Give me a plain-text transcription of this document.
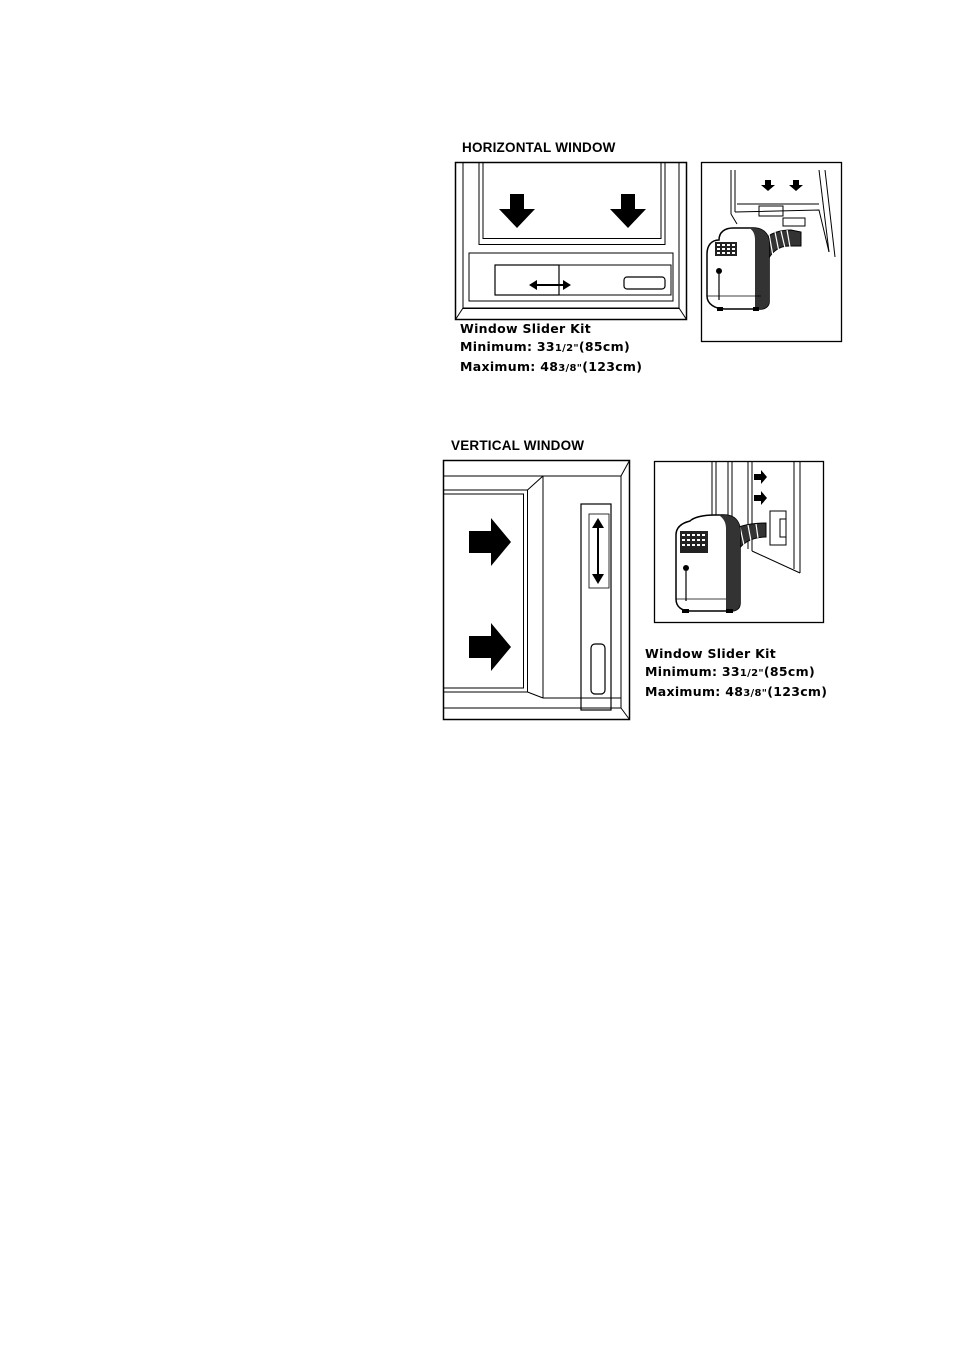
HORIZONTAL WINDOW
Window Slider Kit
Minimum: 331/2"(85cm)
Maximum: 483/8"(123cm)
VERTICAL WINDOW
Window Slider Kit
Minimum: 331/2"(85cm)
Maximum: 483/8"(123cm)
